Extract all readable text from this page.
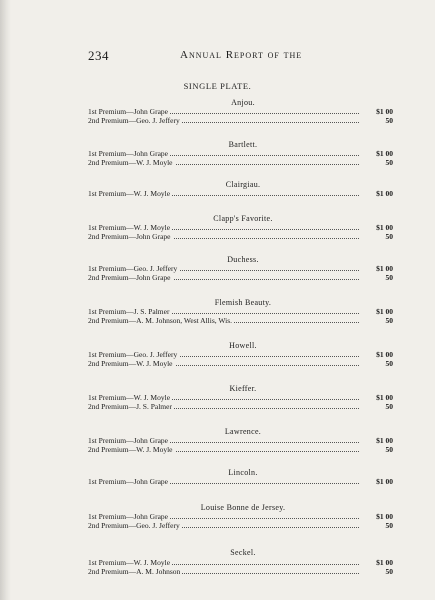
234	Annual Report of the
SINGLE PLATE.
Anjou.
1st Premium—John Grape	$1 00
2nd Premium—Geo. J. Jeffery	50
Bartlett.
1st Premium—John Grape	$1 00
2nd Premium—W. J. Moyle	50
Clairgiau.
1st Premium—W. J. Moyle	$1 00
Clapp's Favorite.
1st Premium—W. J. Moyle	$1 00
2nd Premium—John Grape	50
Duchess.
1st Premium—Geo. J. Jeffery	$1 00
2nd Premium—John Grape	50
Flemish Beauty.
1st Premium—J. S. Palmer	$1 00
2nd Premium—A. M. Johnson, West Allis, Wis.	50
Howell.
1st Premium—Geo. J. Jeffery	$1 00
2nd Premium—W. J. Moyle	50
Kieffer.
1st Premium—W. J. Moyle	$1 00
2nd Premium—J. S. Palmer	50
Lawrence.
1st Premium—John Grape	$1 00
2nd Premium—W. J. Moyle	50
Lincoln.
1st Premium—John Grape	$1 00
Louise Bonne de Jersey.
1st Premium—John Grape	$1 00
2nd Premium—Geo. J. Jeffery	50
Seckel.
1st Premium—W. J. Moyle	$1 00
2nd Premium—A. M. Johnson	50
